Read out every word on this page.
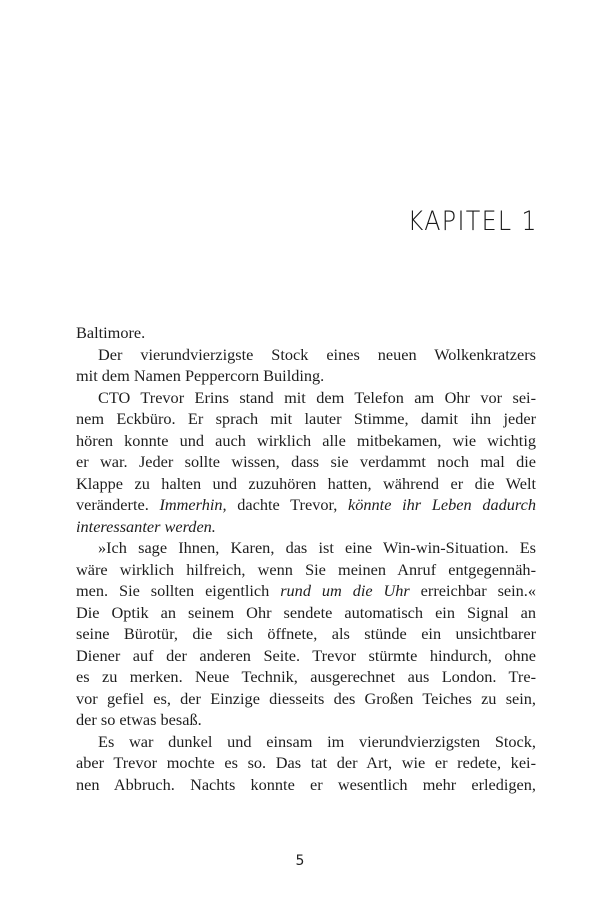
KAPITEL 1
Baltimore.
Der vierundvierzigste Stock eines neuen Wolkenkratzers
mit dem Namen Peppercorn Building.
CTO Trevor Erins stand mit dem Telefon am Ohr vor sei-
nem Eckbüro. Er sprach mit lauter Stimme, damit ihn jeder
hören konnte und auch wirklich alle mitbekamen, wie wichtig
er war. Jeder sollte wissen, dass sie verdammt noch mal die
Klappe zu halten und zuzuhören hatten, während er die Welt
veränderte. Immerhin, dachte Trevor, könnte ihr Leben dadurch
interessanter werden.
»Ich sage Ihnen, Karen, das ist eine Win-win-Situation. Es
wäre wirklich hilfreich, wenn Sie meinen Anruf entgegennäh-
men. Sie sollten eigentlich rund um die Uhr erreichbar sein.«
Die Optik an seinem Ohr sendete automatisch ein Signal an
seine Bürotür, die sich öffnete, als stünde ein unsichtbarer
Diener auf der anderen Seite. Trevor stürmte hindurch, ohne
es zu merken. Neue Technik, ausgerechnet aus London. Tre-
vor gefiel es, der Einzige diesseits des Großen Teiches zu sein,
der so etwas besaß.
Es war dunkel und einsam im vierundvierzigsten Stock,
aber Trevor mochte es so. Das tat der Art, wie er redete, kei-
nen Abbruch. Nachts konnte er wesentlich mehr erledigen,
5
